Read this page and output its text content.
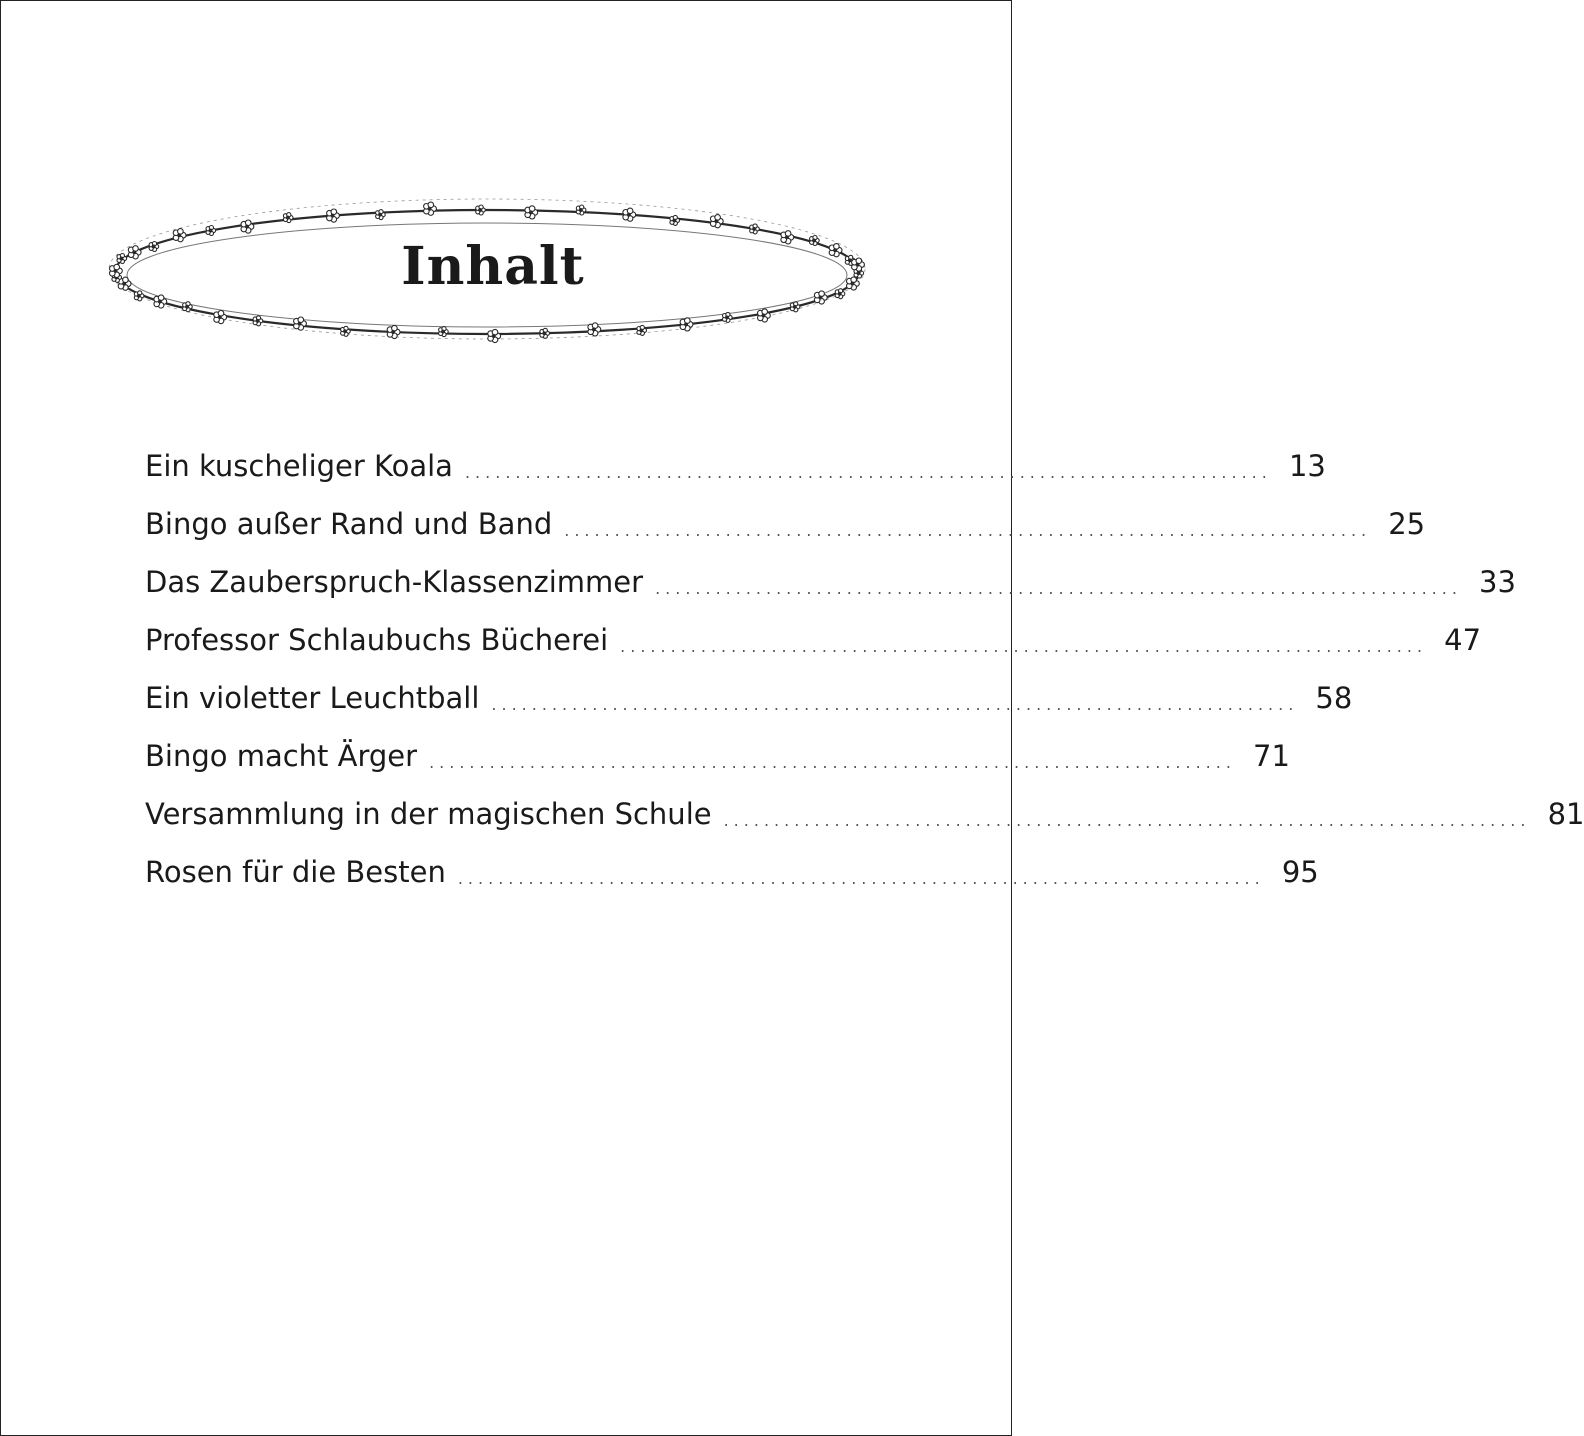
Inhalt
Ein kuscheliger Koala ................................................................................ 13
Bingo außer Rand und Band ................................................................................ 25
Das Zauberspruch-Klassenzimmer ................................................................................ 33
Professor Schlaubuchs Bücherei ................................................................................ 47
Ein violetter Leuchtball ................................................................................ 58
Bingo macht Ärger ................................................................................ 71
Versammlung in der magischen Schule ................................................................................ 81
Rosen für die Besten ................................................................................ 95
